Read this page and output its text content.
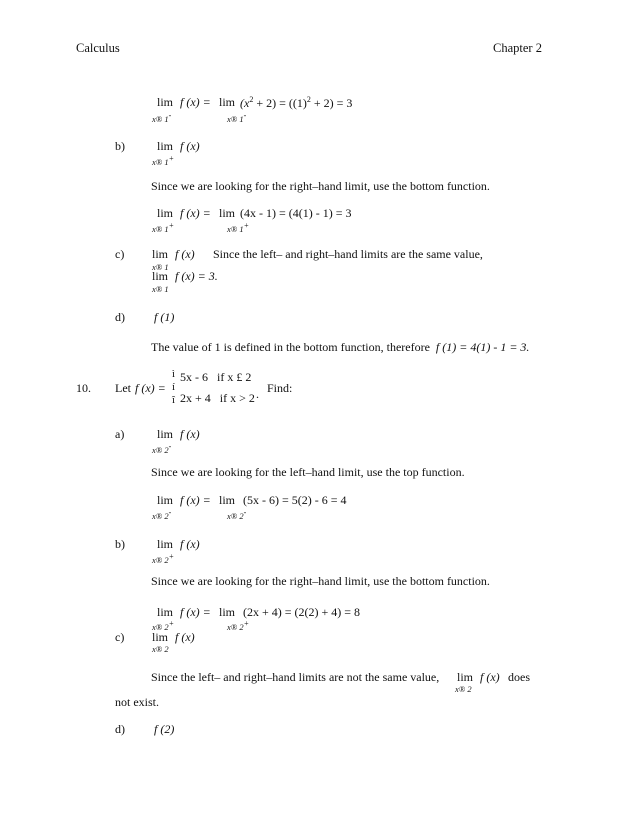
Calculus	Chapter 2
lim f $(x) = \lim (x^2 + 2) = ((1)^2 + 2) = 3$
x® 1-	x® 1-
b)	lim f (x)
x® 1+
Since we are looking for the right–hand limit, use the bottom function.
lim f (x) = lim (4x - 1) = (4(1) - 1) = 3
x® 1+	x® 1+
c) lim f (x) Since the left– and right–hand limits are the same value,
x® 1
lim f (x) = 3.
x® 1
d) f (1)
The value of 1 is defined in the bottom function, therefore f (1) = 4(1) - 1 = 3.
10. Let f (x) =
ì
í
î
5x - 6   if x £ 2
2x + 4   if x > 2 . Find:
a)	lim f (x)
x® 2-
Since we are looking for the left–hand limit, use the top function.
lim f (x) = lim (5x - 6) = 5(2) - 6 = 4
x® 2-	x® 2-
b)	lim f (x)
x® 2+
Since we are looking for the right–hand limit, use the bottom function.
lim f (x) = lim (2x + 4) = (2(2) + 4) = 8
x® 2+	x® 2+
c) lim f (x)
x® 2
Since the left– and right–hand limits are not the same value, lim f (x) does
x® 2
not exist.
d) f (2)
